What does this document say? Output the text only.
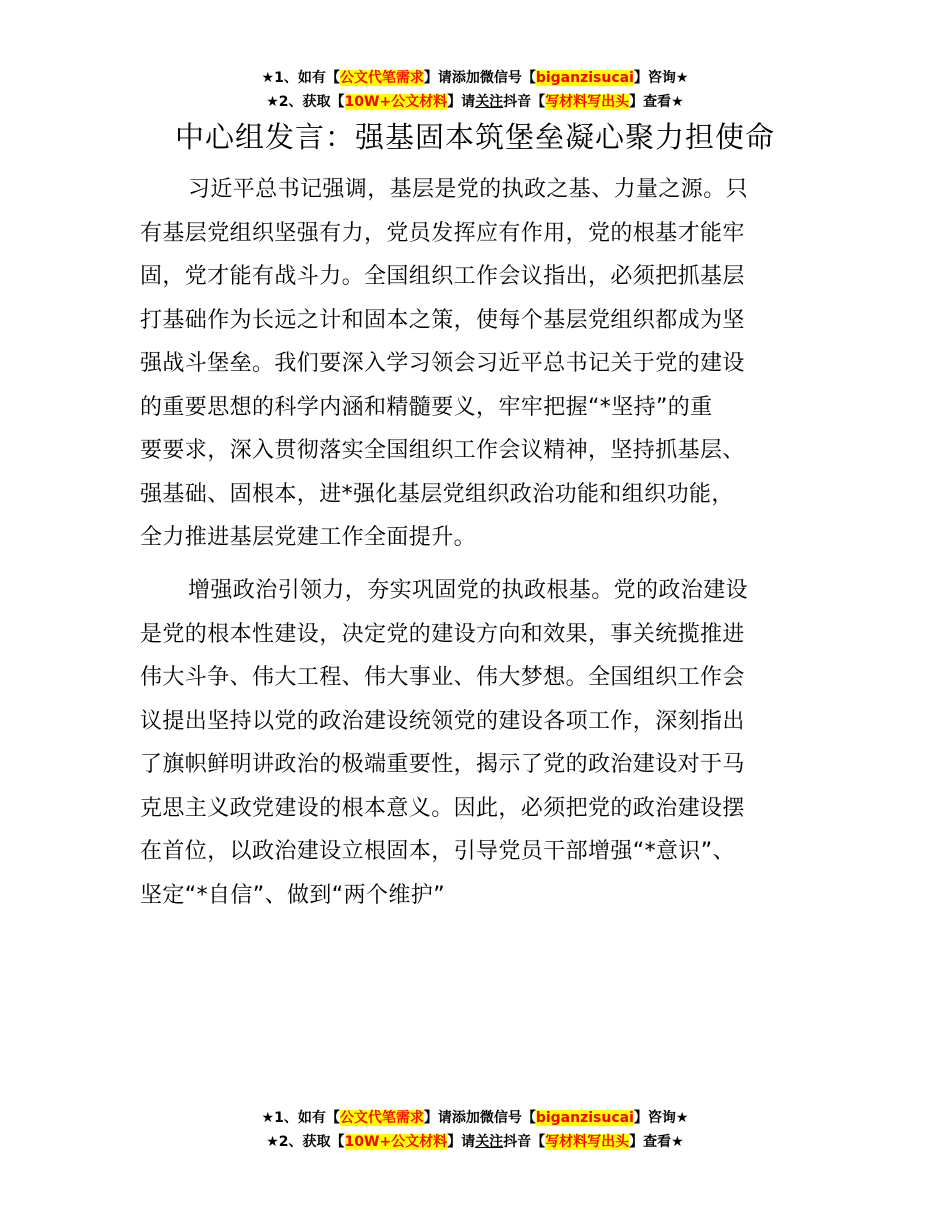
★1、如有【公文代笔需求】请添加微信号【biganzisucai】咨询★
★2、获取【10W+公文材料】请关注抖音【写材料写出头】查看★
中心组发言：强基固本筑堡垒凝心聚力担使命
习近平总书记强调，基层是党的执政之基、力量之源。只
有基层党组织坚强有力，党员发挥应有作用，党的根基才能牢
固，党才能有战斗力。全国组织工作会议指出，必须把抓基层
打基础作为长远之计和固本之策，使每个基层党组织都成为坚
强战斗堡垒。我们要深入学习领会习近平总书记关于党的建设
的重要思想的科学内涵和精髓要义，牢牢把握“*坚持”的重
要要求，深入贯彻落实全国组织工作会议精神，坚持抓基层、
强基础、固根本，进*强化基层党组织政治功能和组织功能，
全力推进基层党建工作全面提升。
增强政治引领力，夯实巩固党的执政根基。党的政治建设
是党的根本性建设，决定党的建设方向和效果，事关统揽推进
伟大斗争、伟大工程、伟大事业、伟大梦想。全国组织工作会
议提出坚持以党的政治建设统领党的建设各项工作，深刻指出
了旗帜鲜明讲政治的极端重要性，揭示了党的政治建设对于马
克思主义政党建设的根本意义。因此，必须把党的政治建设摆
在首位，以政治建设立根固本，引导党员干部增强“*意识”、
坚定“*自信”、做到“两个维护”
★1、如有【公文代笔需求】请添加微信号【biganzisucai】咨询★
★2、获取【10W+公文材料】请关注抖音【写材料写出头】查看★
